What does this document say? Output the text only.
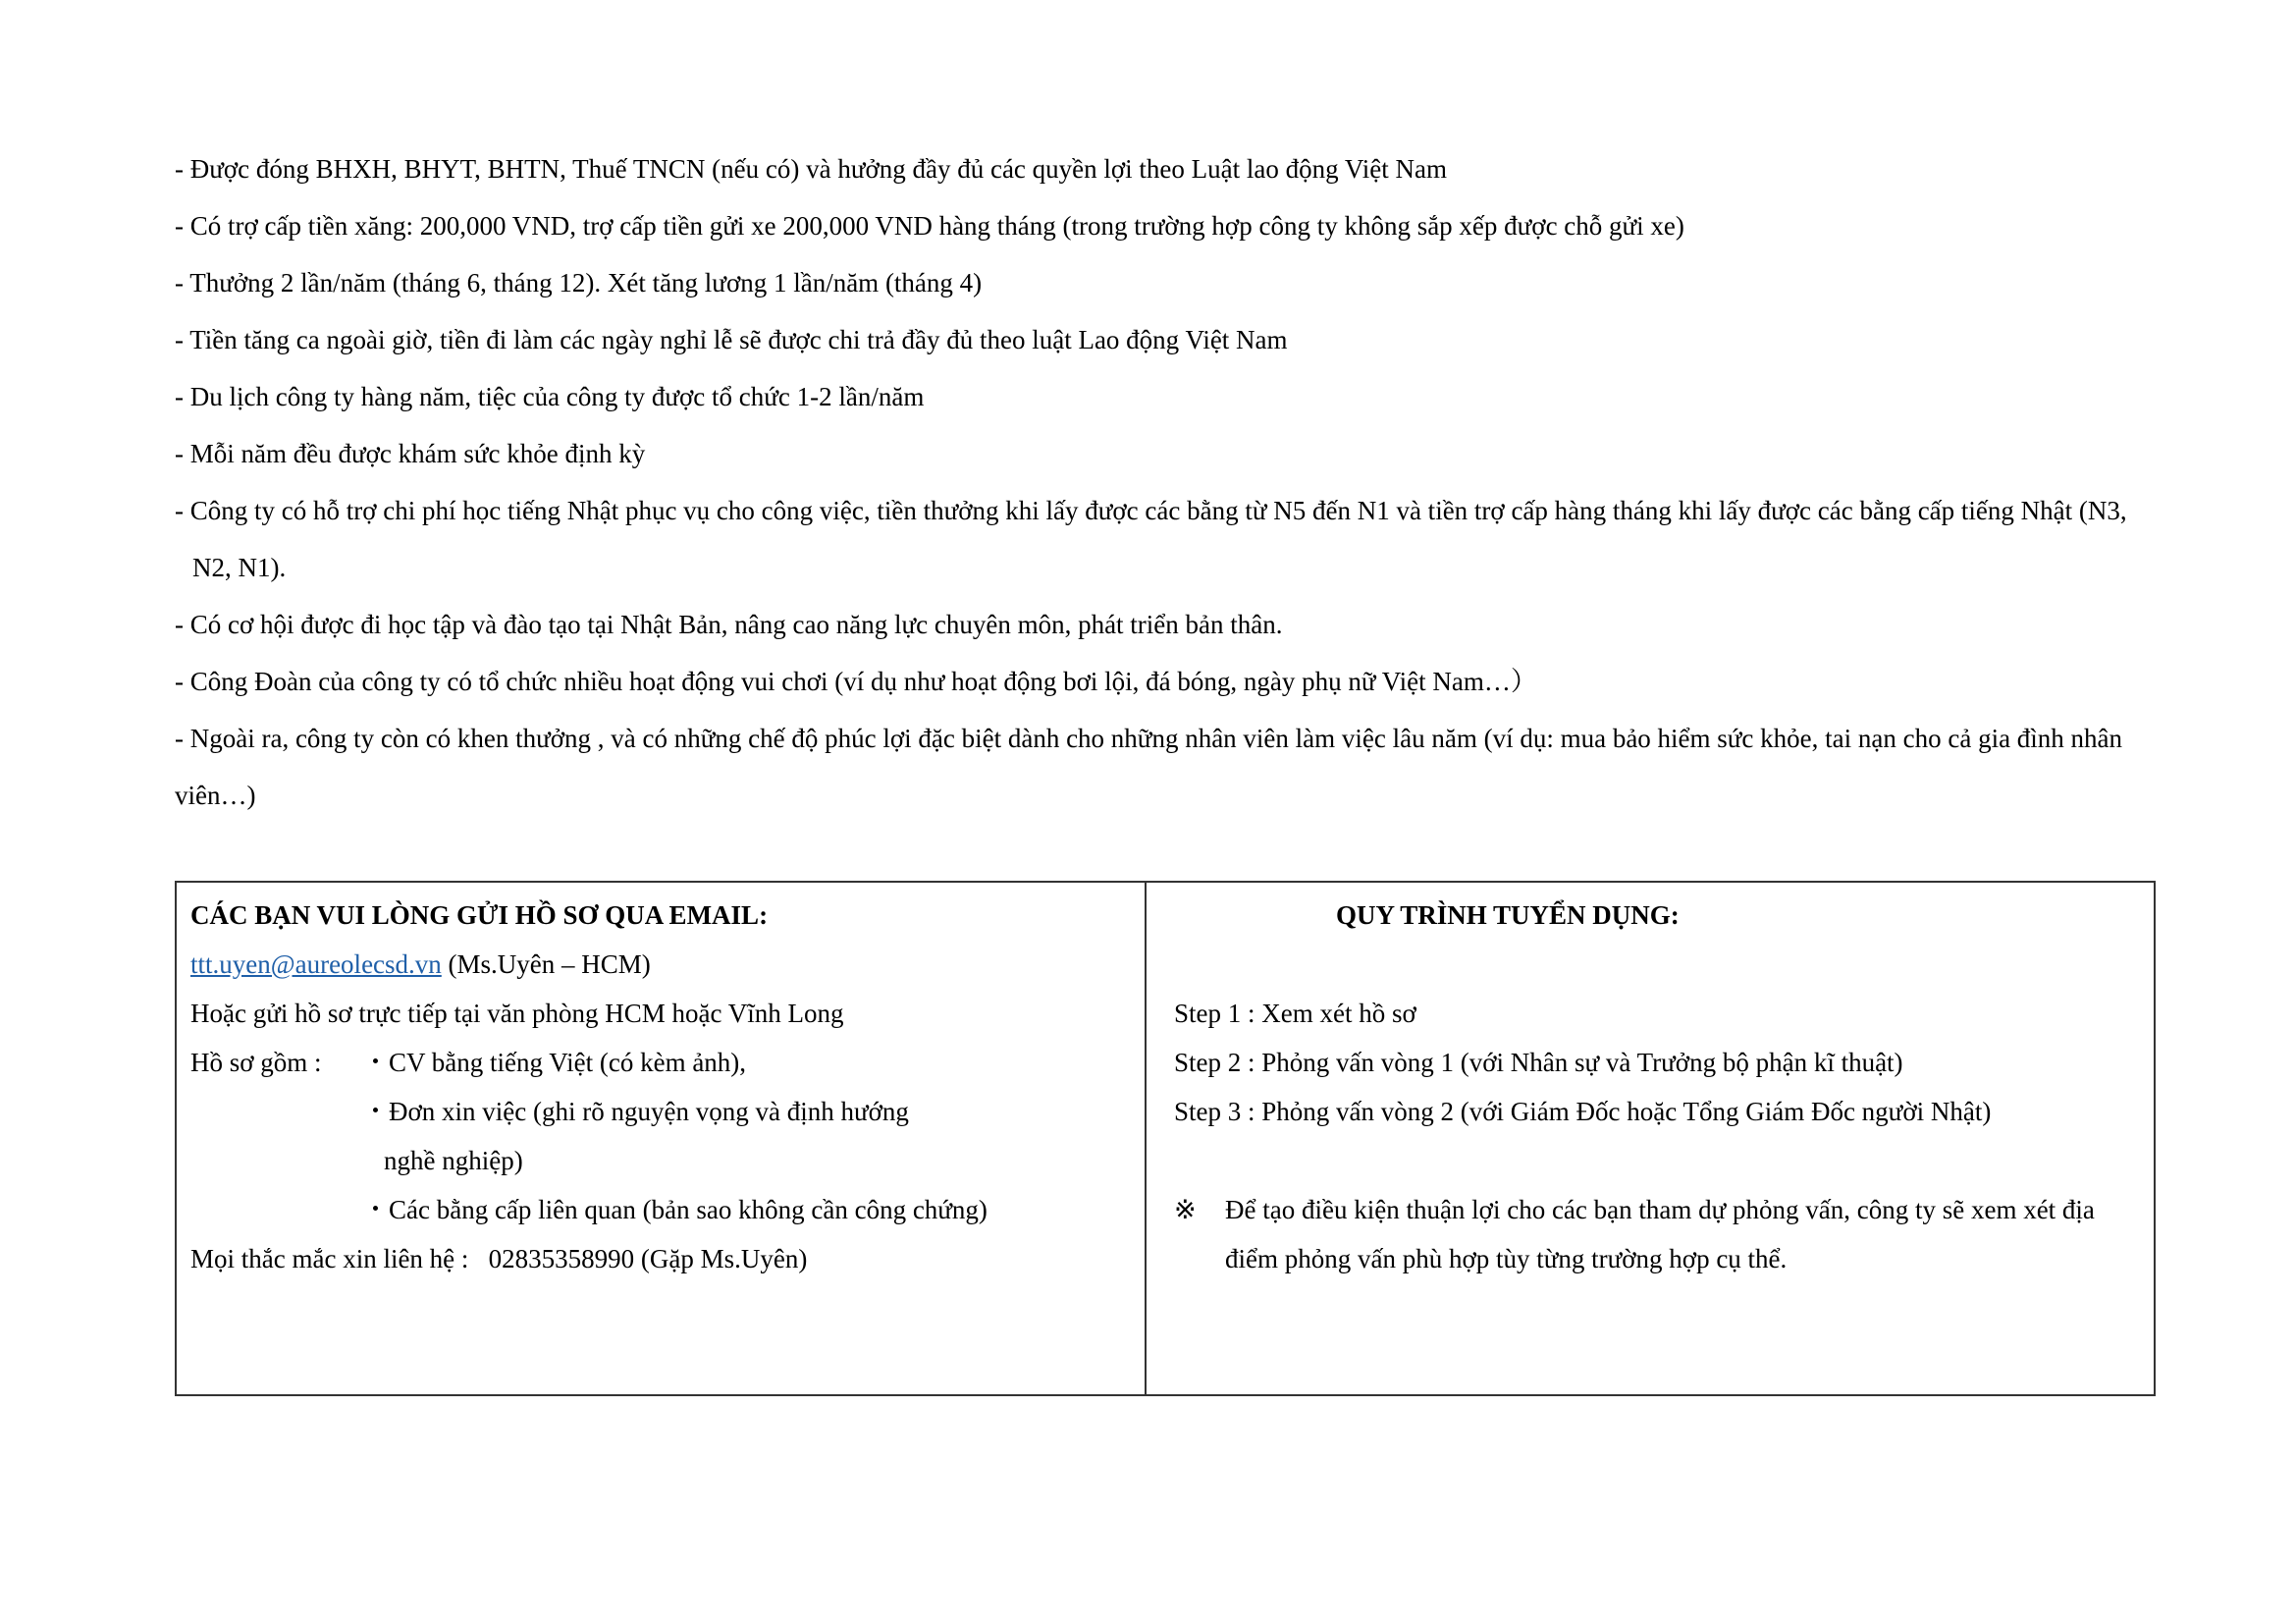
- Được đóng BHXH, BHYT, BHTN, Thuế TNCN (nếu có) và hưởng đầy đủ các quyền lợi theo Luật lao động Việt Nam
- Có trợ cấp tiền xăng: 200,000 VND, trợ cấp tiền gửi xe 200,000 VND hàng tháng (trong trường hợp công ty không sắp xếp được chỗ gửi xe)
- Thưởng 2 lần/năm (tháng 6, tháng 12). Xét tăng lương 1 lần/năm (tháng 4)
- Tiền tăng ca ngoài giờ, tiền đi làm các ngày nghỉ lễ sẽ được chi trả đầy đủ theo luật Lao động Việt Nam
- Du lịch công ty hàng năm, tiệc của công ty được tổ chức 1-2 lần/năm
- Mỗi năm đều được khám sức khỏe định kỳ
- Công ty có hỗ trợ chi phí học tiếng Nhật phục vụ cho công việc, tiền thưởng khi lấy được các bằng từ N5 đến N1 và tiền trợ cấp hàng tháng khi lấy được các bằng cấp tiếng Nhật (N3, N2, N1).
- Có cơ hội được đi học tập và đào tạo tại Nhật Bản, nâng cao năng lực chuyên môn, phát triển bản thân.
- Công Đoàn của công ty có tổ chức nhiều hoạt động vui chơi (ví dụ như hoạt động bơi lội, đá bóng, ngày phụ nữ Việt Nam…）
- Ngoài ra, công ty còn có khen thưởng , và có những chế độ phúc lợi đặc biệt dành cho những nhân viên làm việc lâu năm (ví dụ: mua bảo hiểm sức khỏe, tai nạn cho cả gia đình nhân viên…)
CÁC BẠN VUI LÒNG GỬI HỒ SƠ QUA EMAIL:
ttt.uyen@aureolecsd.vn (Ms.Uyên – HCM)
Hoặc gửi hồ sơ trực tiếp tại văn phòng HCM hoặc Vĩnh Long
Hồ sơ gồm :	・CV bằng tiếng Việt (có kèm ảnh),
・Đơn xin việc (ghi rõ nguyện vọng và định hướng
nghề nghiệp)
・Các bằng cấp liên quan (bản sao không cần công chứng)
Mọi thắc mắc xin liên hệ : 02835358990 (Gặp Ms.Uyên)
QUY TRÌNH TUYỂN DỤNG:
Step 1 : Xem xét hồ sơ
Step 2 : Phỏng vấn vòng 1 (với Nhân sự và Trưởng bộ phận kĩ thuật)
Step 3 : Phỏng vấn vòng 2 (với Giám Đốc hoặc Tổng Giám Đốc người Nhật)
※	Để tạo điều kiện thuận lợi cho các bạn tham dự phỏng vấn, công ty sẽ xem xét địa điểm phỏng vấn phù hợp tùy từng trường hợp cụ thể.
